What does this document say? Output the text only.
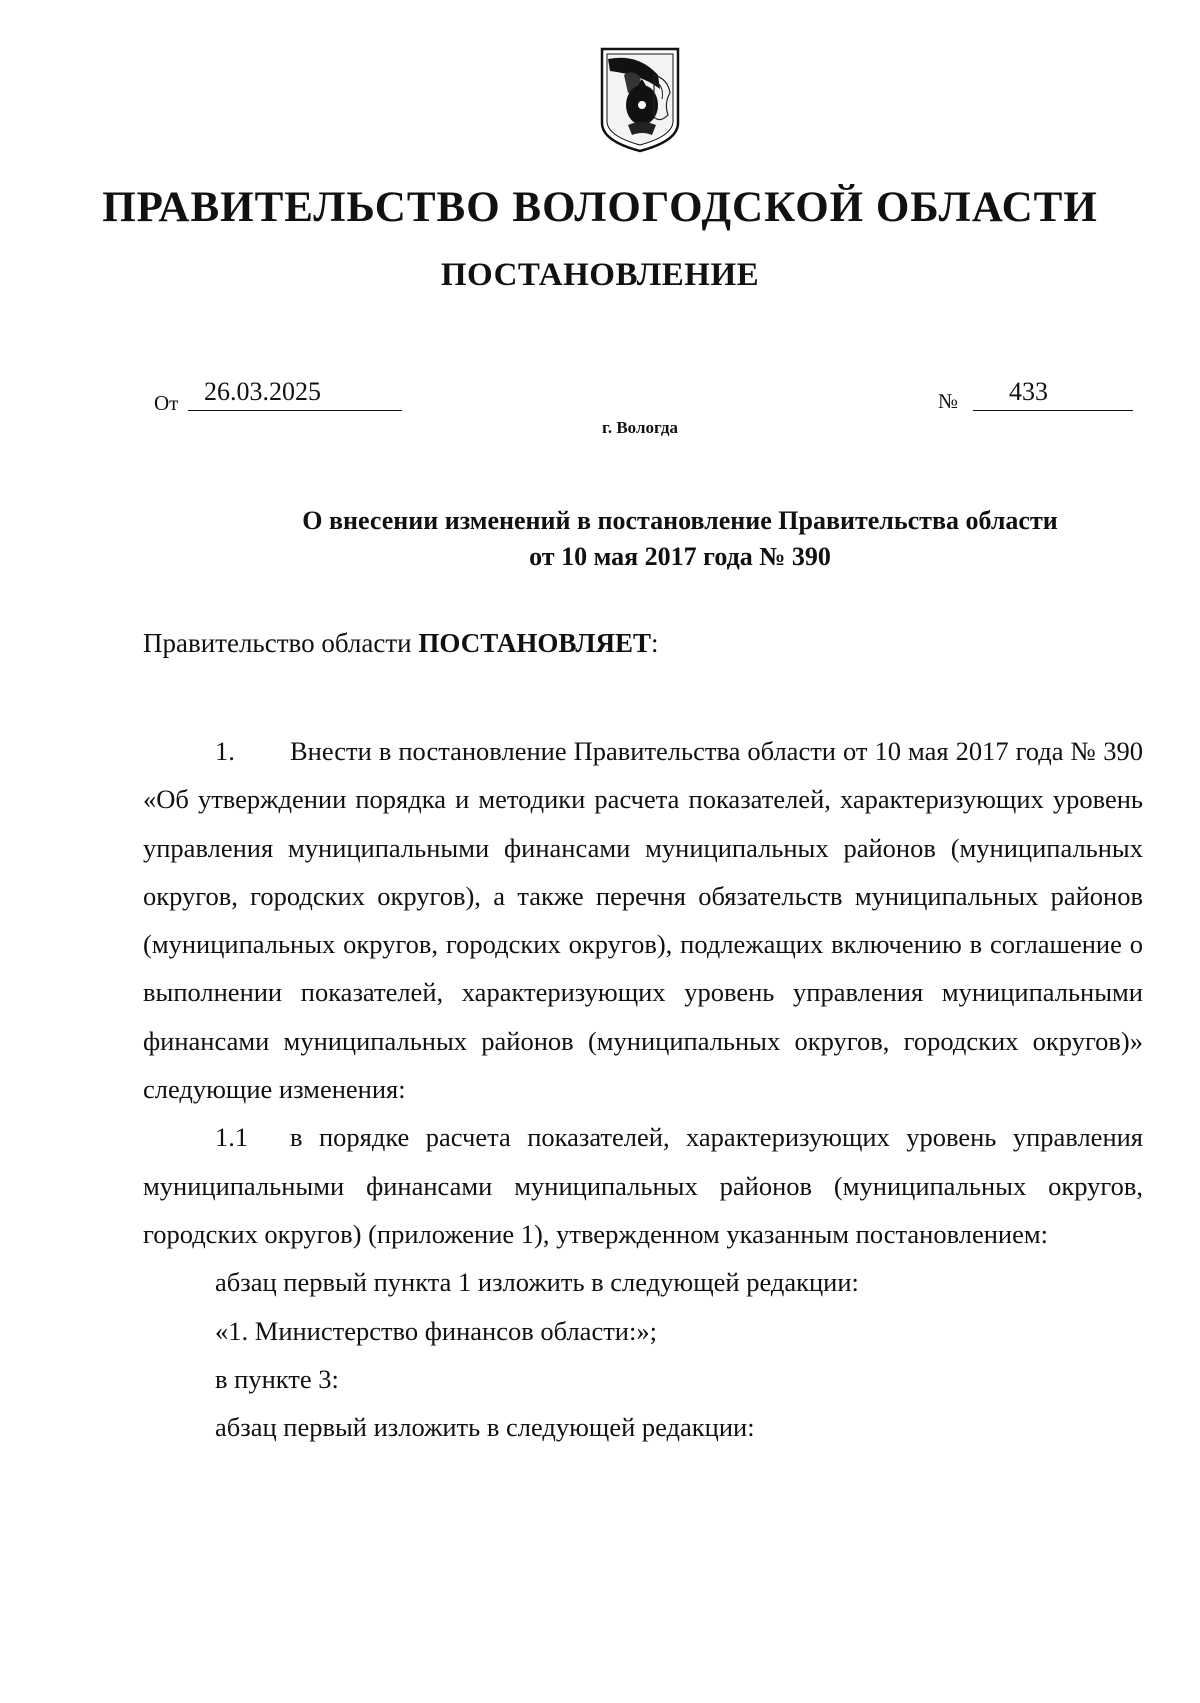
ПРАВИТЕЛЬСТВО ВОЛОГОДСКОЙ ОБЛАСТИ
ПОСТАНОВЛЕНИЕ
От 26.03.2025	№	433
г. Вологда
О внесении изменений в постановление Правительства области
от 10 мая 2017 года № 390
Правительство области ПОСТАНОВЛЯЕТ:

1. Внести в постановление Правительства области от 10 мая 2017 года № 390 «Об утверждении порядка и методики расчета показателей, характеризующих уровень управления муниципальными финансами муниципальных районов (муниципальных округов, городских округов), а также перечня обязательств муниципальных районов (муниципальных округов, городских округов), подлежащих включению в соглашение о выполнении показателей, характеризующих уровень управления муниципальными финансами муниципальных районов (муниципальных округов, городских округов)» следующие изменения:

1.1 в порядке расчета показателей, характеризующих уровень управления муниципальными финансами муниципальных районов (муниципальных округов, городских округов) (приложение 1), утвержденном указанным постановлением:

абзац первый пункта 1 изложить в следующей редакции:

«1. Министерство финансов области:»;

в пункте 3:

абзац первый изложить в следующей редакции:
